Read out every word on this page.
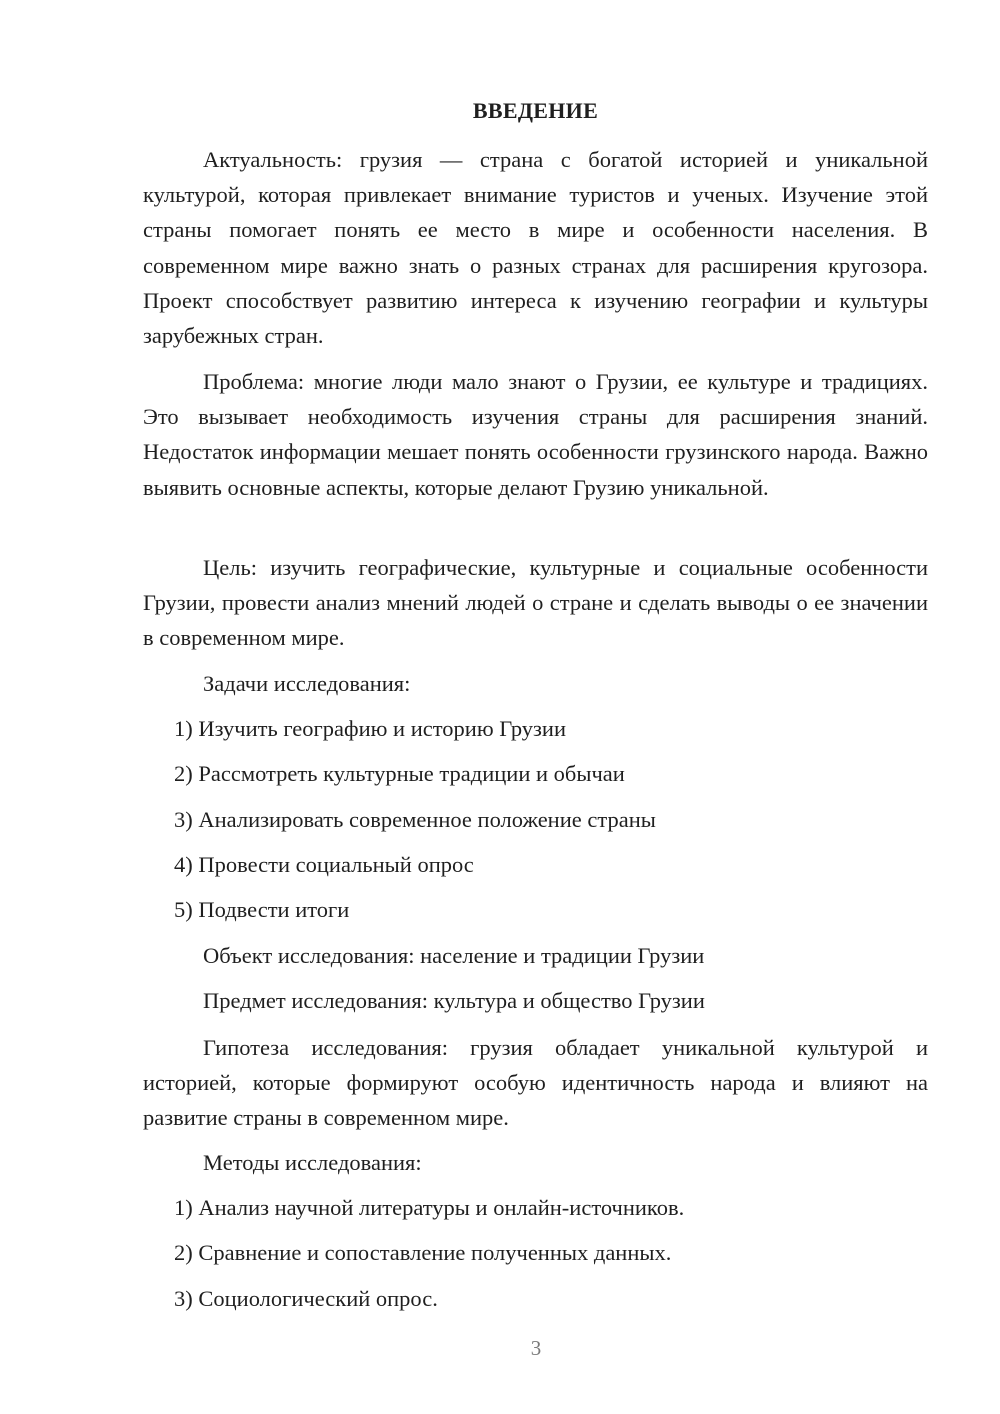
ВВЕДЕНИЕ

Актуальность: грузия — страна с богатой историей и уникальной культурой, которая привлекает внимание туристов и ученых. Изучение этой страны помогает понять ее место в мире и особенности населения. В современном мире важно знать о разных странах для расширения кругозора. Проект способствует развитию интереса к изучению географии и культуры зарубежных стран.

Проблема: многие люди мало знают о Грузии, ее культуре и традициях. Это вызывает необходимость изучения страны для расширения знаний. Недостаток информации мешает понять особенности грузинского народа. Важно выявить основные аспекты, которые делают Грузию уникальной.

Цель: изучить географические, культурные и социальные особенности Грузии, провести анализ мнений людей о стране и сделать выводы о ее значении в современном мире.

Задачи исследования:

1) Изучить географию и историю Грузии

2) Рассмотреть культурные традиции и обычаи

3) Анализировать современное положение страны

4) Провести социальный опрос

5) Подвести итоги

Объект исследования: население и традиции Грузии

Предмет исследования: культура и общество Грузии

Гипотеза исследования: грузия обладает уникальной культурой и историей, которые формируют особую идентичность народа и влияют на развитие страны в современном мире.

Методы исследования:

1) Анализ научной литературы и онлайн-источников.

2) Сравнение и сопоставление полученных данных.

3) Социологический опрос.

3
